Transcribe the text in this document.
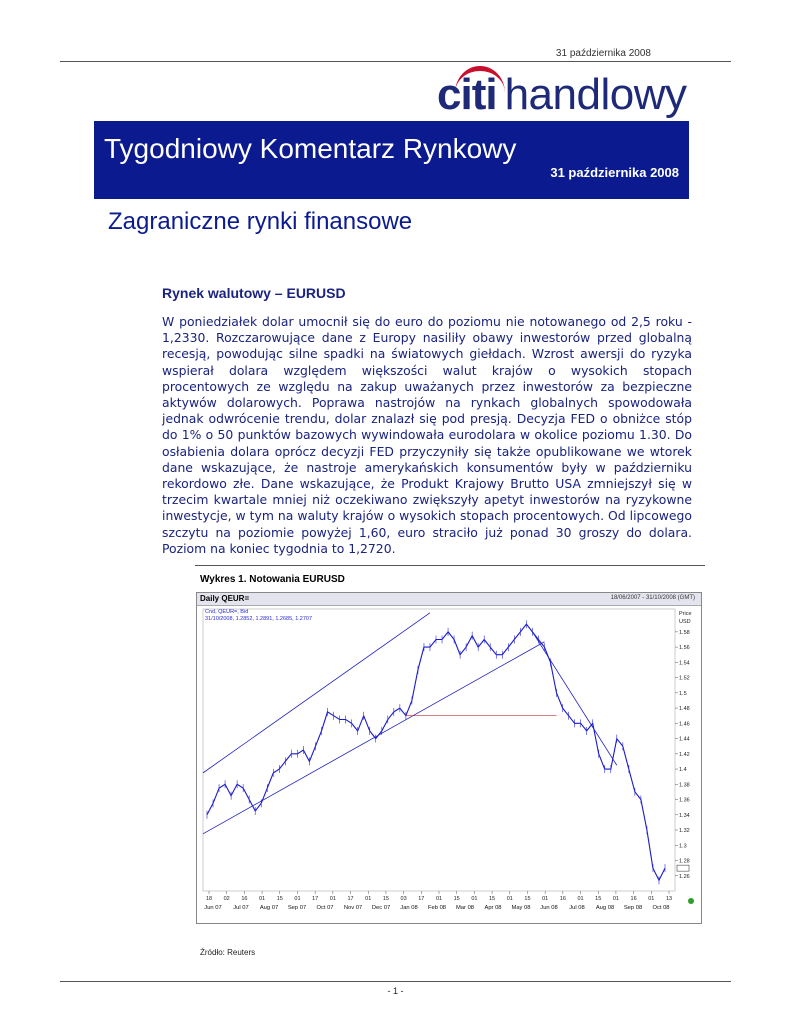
31 października 2008
citi handlowy
Tygodniowy Komentarz Rynkowy
31 października 2008
Zagraniczne rynki finansowe
Rynek walutowy – EURUSD

W poniedziałek dolar umocnił się do euro do poziomu nie notowanego od 2,5 roku - 1,2330. Rozczarowujące dane z Europy nasiliły obawy inwestorów przed globalną recesją, powodując silne spadki na światowych giełdach. Wzrost awersji do ryzyka wspierał dolara względem większości walut krajów o wysokich stopach procentowych ze względu na zakup uważanych przez inwestorów za bezpieczne aktywów dolarowych. Poprawa nastrojów na rynkach globalnych spowodowała jednak odwrócenie trendu, dolar znalazł się pod presją. Decyzja FED o obniżce stóp do 1% o 50 punktów bazowych wywindowała eurodolara w okolice poziomu 1.30. Do osłabienia dolara oprócz decyzji FED przyczyniły się także opublikowane we wtorek dane wskazujące, że nastroje amerykańskich konsumentów były w październiku rekordowo złe. Dane wskazujące, że Produkt Krajowy Brutto USA zmniejszył się w trzecim kwartale mniej niż oczekiwano zwiększyły apetyt inwestorów na ryzykowne inwestycje, w tym na waluty krajów o wysokich stopach procentowych. Od lipcowego szczytu na poziomie powyżej 1,60, euro straciło już ponad 30 groszy do dolara. Poziom na koniec tygodnia to 1,2720.

Wykres 1. Notowania EURUSD
1.58
1.56
1.54
1.52
1.5
1.48
1.46
1.44
1.42
1.4
1.38
1.36
1.34
1.32
1.3
1.28
1.26
Price
USD
18 02 16 01 15 01 17 01 17 01 15 03 17 01 15 01 15 01 15 01 16 01 15 01 16 01 13
Jun 07 Jul 07 Aug 07 Sep 07 Oct 07 Nov 07 Dec 07 Jan 08 Feb 08 Mar 08 Apr 08 May 08 Jun 08 Jul 08 Aug 08 Sep 08 Oct 08
Daily QEUR=	18/06/2007 - 31/10/2008 (GMT)
Cnd, QEUR=, Bid
31/10/2008, 1.2852, 1.2891, 1.2685, 1.2707
Źródło: Reuters
- 1 -
